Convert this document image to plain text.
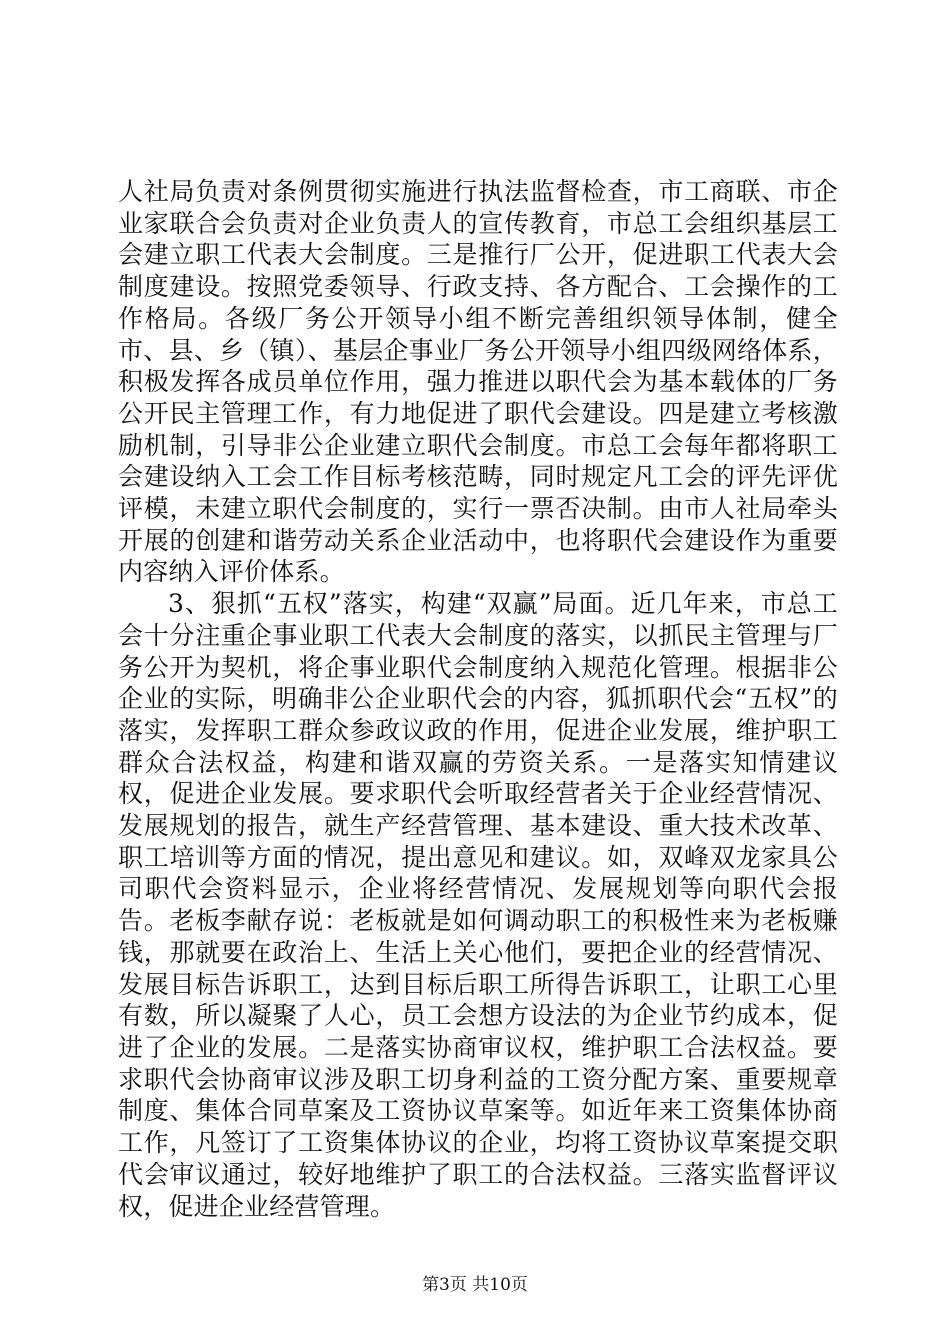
人社局负责对条例贯彻实施进行执法监督检查，市工商联、市企业家联合会负责对企业负责人的宣传教育，市总工会组织基层工会建立职工代表大会制度。三是推行厂公开，促进职工代表大会制度建设。按照党委领导、行政支持、各方配合、工会操作的工作格局。各级厂务公开领导小组不断完善组织领导体制，健全市、县、乡（镇）、基层企事业厂务公开领导小组四级网络体系，积极发挥各成员单位作用，强力推进以职代会为基本载体的厂务公开民主管理工作，有力地促进了职代会建设。四是建立考核激励机制，引导非公企业建立职代会制度。市总工会每年都将职工会建设纳入工会工作目标考核范畴，同时规定凡工会的评先评优评模，未建立职代会制度的，实行一票否决制。由市人社局牵头开展的创建和谐劳动关系企业活动中，也将职代会建设作为重要内容纳入评价体系。

3、狠抓“五权”落实，构建“双赢”局面。近几年来，市总工会十分注重企事业职工代表大会制度的落实，以抓民主管理与厂务公开为契机，将企事业职代会制度纳入规范化管理。根据非公企业的实际，明确非公企业职代会的内容，狐抓职代会“五权”的落实，发挥职工群众参政议政的作用，促进企业发展，维护职工群众合法权益，构建和谐双赢的劳资关系。一是落实知情建议权，促进企业发展。要求职代会听取经营者关于企业经营情况、发展规划的报告，就生产经营管理、基本建设、重大技术改革、职工培训等方面的情况，提出意见和建议。如，双峰双龙家具公司职代会资料显示，企业将经营情况、发展规划等向职代会报告。老板李献存说：老板就是如何调动职工的积极性来为老板赚钱，那就要在政治上、生活上关心他们，要把企业的经营情况、发展目标告诉职工，达到目标后职工所得告诉职工，让职工心里有数，所以凝聚了人心，员工会想方设法的为企业节约成本，促进了企业的发展。二是落实协商审议权，维护职工合法权益。要求职代会协商审议涉及职工切身利益的工资分配方案、重要规章制度、集体合同草案及工资协议草案等。如近年来工资集体协商工作，凡签订了工资集体协议的企业，均将工资协议草案提交职代会审议通过，较好地维护了职工的合法权益。三落实监督评议权，促进企业经营管理。

第3页 共10页
